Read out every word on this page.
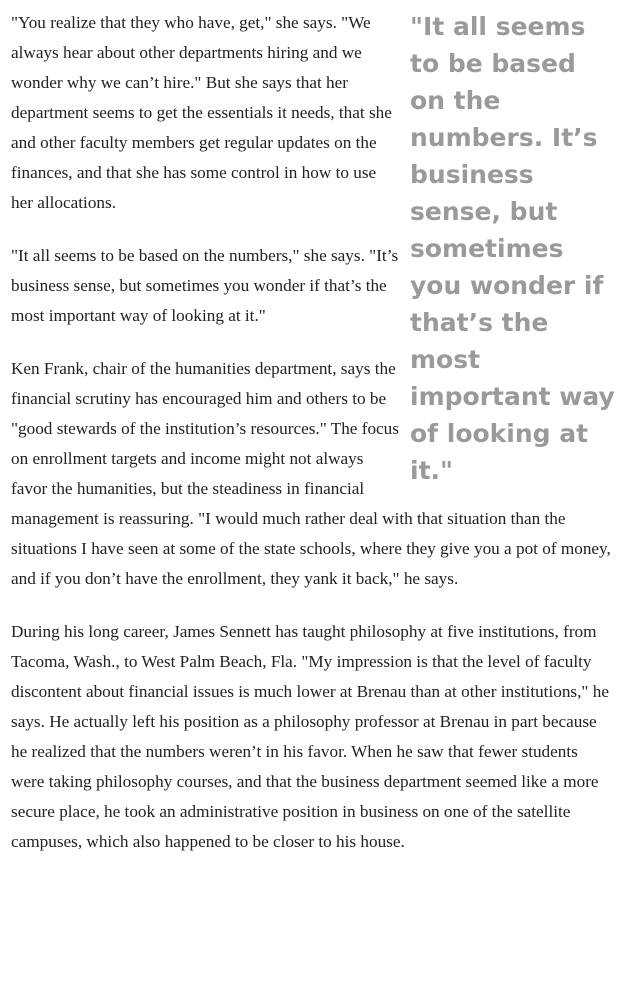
"It all seems to be based on the numbers. It’s business sense, but sometimes you wonder if that’s the most important way of looking at it."

"You realize that they who have, get," she says. "We always hear about other departments hiring and we wonder why we can’t hire." But she says that her department seems to get the essentials it needs, that she and other faculty members get regular updates on the finances, and that she has some control in how to use her allocations.

"It all seems to be based on the numbers," she says. "It’s business sense, but sometimes you wonder if that’s the most important way of looking at it."

Ken Frank, chair of the humanities department, says the financial scrutiny has encouraged him and others to be "good stewards of the institution’s resources." The focus on enrollment targets and income might not always favor the humanities, but the steadiness in financial management is reassuring. "I would much rather deal with that situation than the situations I have seen at some of the state schools, where they give you a pot of money, and if you don’t have the enrollment, they yank it back," he says.

During his long career, James Sennett has taught philosophy at five institutions, from Tacoma, Wash., to West Palm Beach, Fla. "My impression is that the level of faculty discontent about financial issues is much lower at Brenau than at other institutions," he says. He actually left his position as a philosophy professor at Brenau in part because he realized that the numbers weren’t in his favor. When he saw that fewer students were taking philosophy courses, and that the business department seemed like a more secure place, he took an administrative position in business on one of the satellite campuses, which also happened to be closer to his house.
